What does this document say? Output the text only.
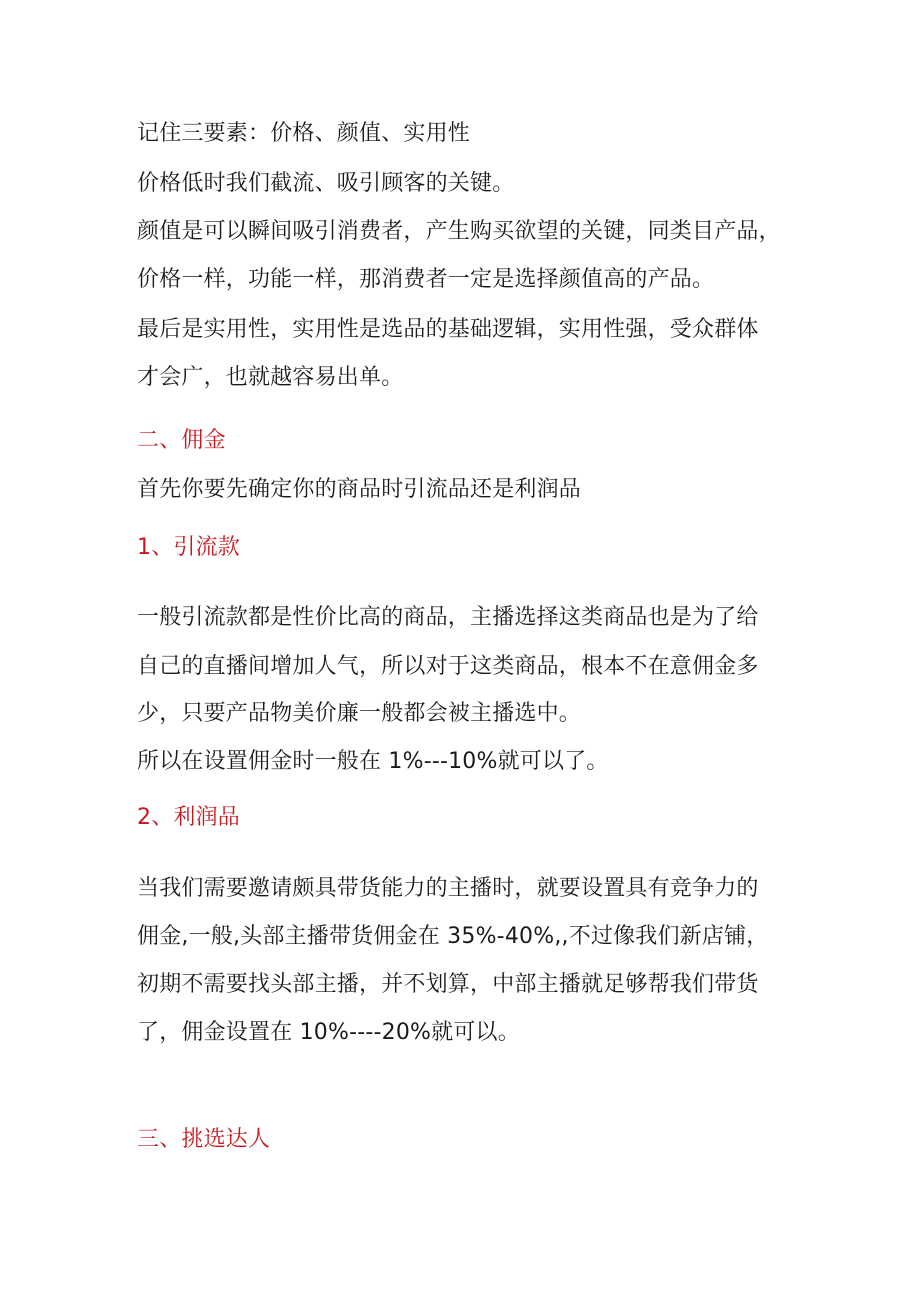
记住三要素：价格、颜值、实用性
价格低时我们截流、吸引顾客的关键。
颜值是可以瞬间吸引消费者，产生购买欲望的关键，同类目产品，
价格一样，功能一样，那消费者一定是选择颜值高的产品。
最后是实用性，实用性是选品的基础逻辑，实用性强，受众群体
才会广，也就越容易出单。
二、佣金
首先你要先确定你的商品时引流品还是利润品
1、引流款
一般引流款都是性价比高的商品，主播选择这类商品也是为了给
自己的直播间增加人气，所以对于这类商品，根本不在意佣金多
少，只要产品物美价廉一般都会被主播选中。
所以在设置佣金时一般在 1%---10%就可以了。
2、利润品
当我们需要邀请颇具带货能力的主播时，就要设置具有竞争力的
佣金,一般,头部主播带货佣金在 35%-40%,,不过像我们新店铺，
初期不需要找头部主播，并不划算，中部主播就足够帮我们带货
了，佣金设置在 10%----20%就可以。
三、挑选达人
